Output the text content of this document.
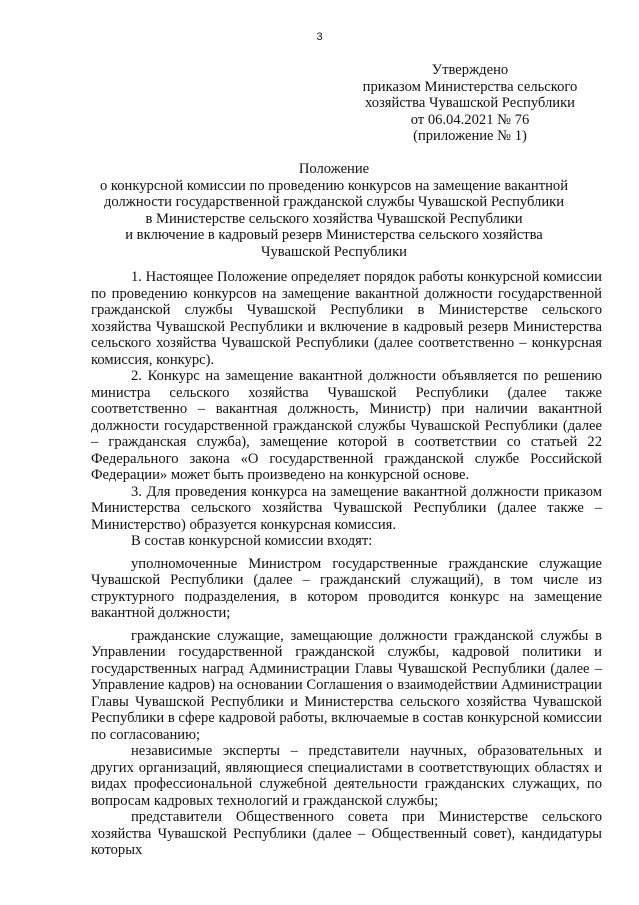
3
Утверждено
приказом Министерства сельского
хозяйства Чувашской Республики
от 06.04.2021 № 76
(приложение № 1)
Положение
о конкурсной комиссии по проведению конкурсов на замещение вакантной
должности государственной гражданской службы Чувашской Республики
в Министерстве сельского хозяйства Чувашской Республики
и включение в кадровый резерв Министерства сельского хозяйства
Чувашской Республики

1. Настоящее Положение определяет порядок работы конкурсной комиссии по проведению конкурсов на замещение вакантной должности государственной гражданской службы Чувашской Республики в Министерстве сельского хозяйства Чувашской Республики и включение в кадровый резерв Министерства сельского хозяйства Чувашской Республики (далее соответственно – конкурсная комиссия, конкурс).

2. Конкурс на замещение вакантной должности объявляется по решению министра сельского хозяйства Чувашской Республики (далее также соответственно – вакантная должность, Министр) при наличии вакантной должности государственной гражданской службы Чувашской Республики (далее – гражданская служба), замещение которой в соответствии со статьей 22 Федерального закона «О государственной гражданской службе Российской Федерации» может быть произведено на конкурсной основе.

3. Для проведения конкурса на замещение вакантной должности приказом Министерства сельского хозяйства Чувашской Республики (далее также – Министерство) образуется конкурсная комиссия.

В состав конкурсной комиссии входят:

уполномоченные Министром государственные гражданские служащие Чувашской Республики (далее – гражданский служащий), в том числе из структурного подразделения, в котором проводится конкурс на замещение вакантной должности;

гражданские служащие, замещающие должности гражданской службы в Управлении государственной гражданской службы, кадровой политики и государственных наград Администрации Главы Чувашской Республики (далее – Управление кадров) на основании Соглашения о взаимодействии Администрации Главы Чувашской Республики и Министерства сельского хозяйства Чувашской Республики в сфере кадровой работы, включаемые в состав конкурсной комиссии по согласованию;

независимые эксперты – представители научных, образовательных и других организаций, являющиеся специалистами в соответствующих областях и видах профессиональной служебной деятельности гражданских служащих, по вопросам кадровых технологий и гражданской службы;

представители Общественного совета при Министерстве сельского хозяйства Чувашской Республики (далее – Общественный совет), кандидатуры которых
